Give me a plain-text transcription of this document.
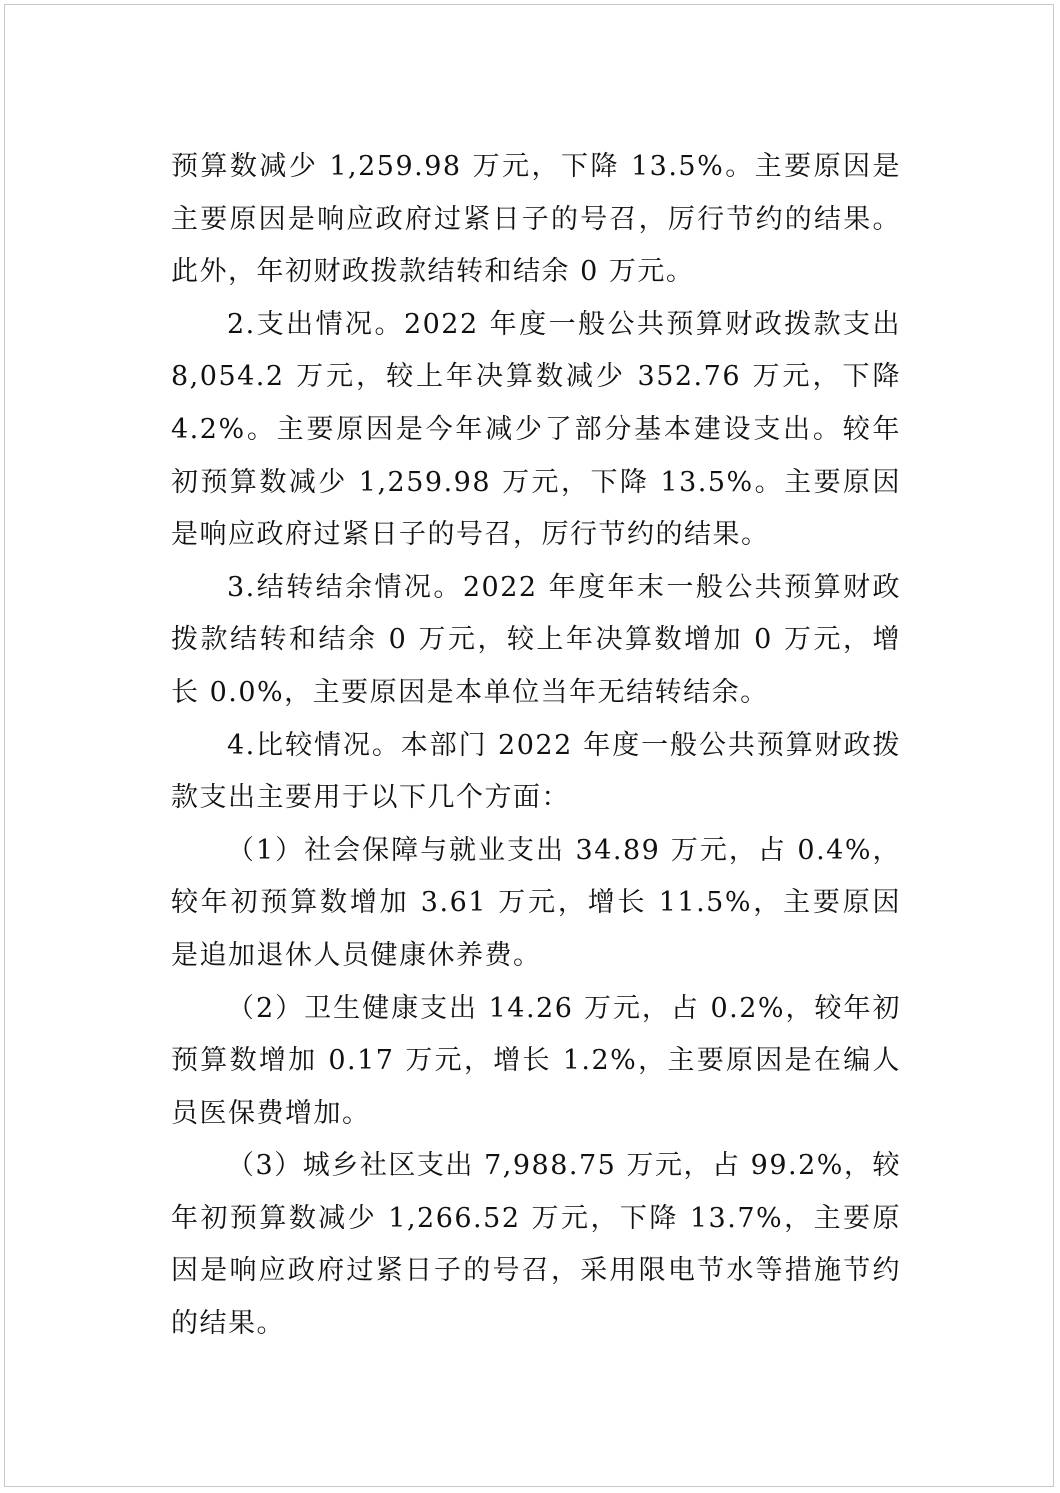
预算数减少 1,259.98 万元，下降 13.5%。主要原因是主要原因是响应政府过紧日子的号召，厉行节约的结果。此外，年初财政拨款结转和结余 0 万元。

2.支出情况。2022 年度一般公共预算财政拨款支出 8,054.2 万元，较上年决算数减少 352.76 万元，下降 4.2%。主要原因是今年减少了部分基本建设支出。较年初预算数减少 1,259.98 万元，下降 13.5%。主要原因是响应政府过紧日子的号召，厉行节约的结果。

3.结转结余情况。2022 年度年末一般公共预算财政拨款结转和结余 0 万元，较上年决算数增加 0 万元，增长 0.0%，主要原因是本单位当年无结转结余。

4.比较情况。本部门 2022 年度一般公共预算财政拨款支出主要用于以下几个方面：

（1）社会保障与就业支出 34.89 万元，占 0.4%，较年初预算数增加 3.61 万元，增长 11.5%，主要原因是追加退休人员健康休养费。

（2）卫生健康支出 14.26 万元，占 0.2%，较年初预算数增加 0.17 万元，增长 1.2%，主要原因是在编人员医保费增加。

（3）城乡社区支出 7,988.75 万元，占 99.2%，较年初预算数减少 1,266.52 万元，下降 13.7%，主要原因是响应政府过紧日子的号召，采用限电节水等措施节约的结果。
